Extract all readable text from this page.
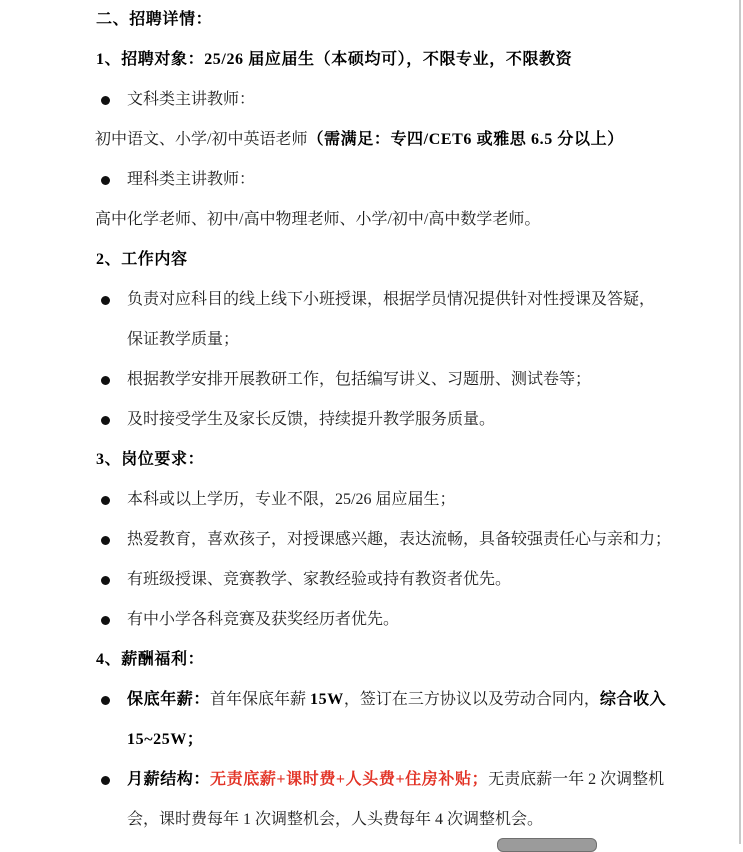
二、招聘详情：
1、招聘对象：25/26 届应届生（本硕均可），不限专业，不限教资
文科类主讲教师：
初中语文、小学/初中英语老师 （需满足：专四/CET6 或雅思 6.5 分以上）
理科类主讲教师：
高中化学老师、初中/高中物理老师、小学/初中/高中数学老师。
2、工作内容
负责对应科目的线上线下小班授课，根据学员情况提供针对性授课及答疑，
保证教学质量；
根据教学安排开展教研工作，包括编写讲义、习题册、测试卷等；
及时接受学生及家长反馈，持续提升教学服务质量。
3、岗位要求：
本科或以上学历，专业不限，25/26 届应届生；
热爱教育，喜欢孩子，对授课感兴趣，表达流畅，具备较强责任心与亲和力；
有班级授课、竞赛教学、家教经验或持有教资者优先。
有中小学各科竞赛及获奖经历者优先。
4、薪酬福利：
保底年薪： 首年保底年薪 15W ，签订在三方协议以及劳动合同内， 综合收入
15~25W；
月薪结构： 无责底薪+课时费+人头费+住房补贴； 无责底薪一年 2 次调整机
会，课时费每年 1 次调整机会，人头费每年 4 次调整机会。
